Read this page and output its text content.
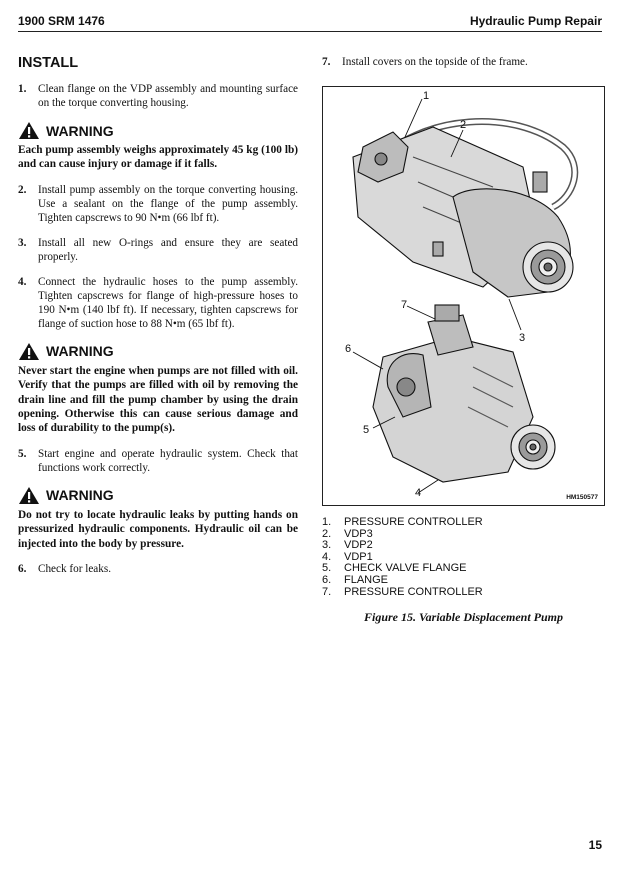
1900 SRM 1476	Hydraulic Pump Repair
INSTALL
1.	Clean flange on the VDP assembly and mounting surface on the torque converting housing.
WARNING
Each pump assembly weighs approximately 45 kg (100 lb) and can cause injury or damage if it falls.
2.	Install pump assembly on the torque converting housing. Use a sealant on the flange of the pump assembly. Tighten capscrews to 90 N•m (66 lbf ft).
3.	Install all new O-rings and ensure they are seated properly.
4.	Connect the hydraulic hoses to the pump assembly. Tighten capscrews for flange of high-pressure hoses to 190 N•m (140 lbf ft). If necessary, tighten capscrews for flange of suction hose to 88 N•m (65 lbf ft).
WARNING
Never start the engine when pumps are not filled with oil. Verify that the pumps are filled with oil by removing the drain line and fill the pump chamber by using the drain opening. Otherwise this can cause serious damage and loss of durability to the pump(s).
5.	Start engine and operate hydraulic system. Check that functions work correctly.
WARNING
Do not try to locate hydraulic leaks by putting hands on pressurized hydraulic components. Hydraulic oil can be injected into the body by pressure.
6.	Check for leaks.
7.	Install covers on the topside of the frame.
1
2
3
4
5
6
7
HM150577
1.	PRESSURE CONTROLLER
2.	VDP3
3.	VDP2
4.	VDP1
5.	CHECK VALVE FLANGE
6.	FLANGE
7.	PRESSURE CONTROLLER
Figure 15. Variable Displacement Pump
15
